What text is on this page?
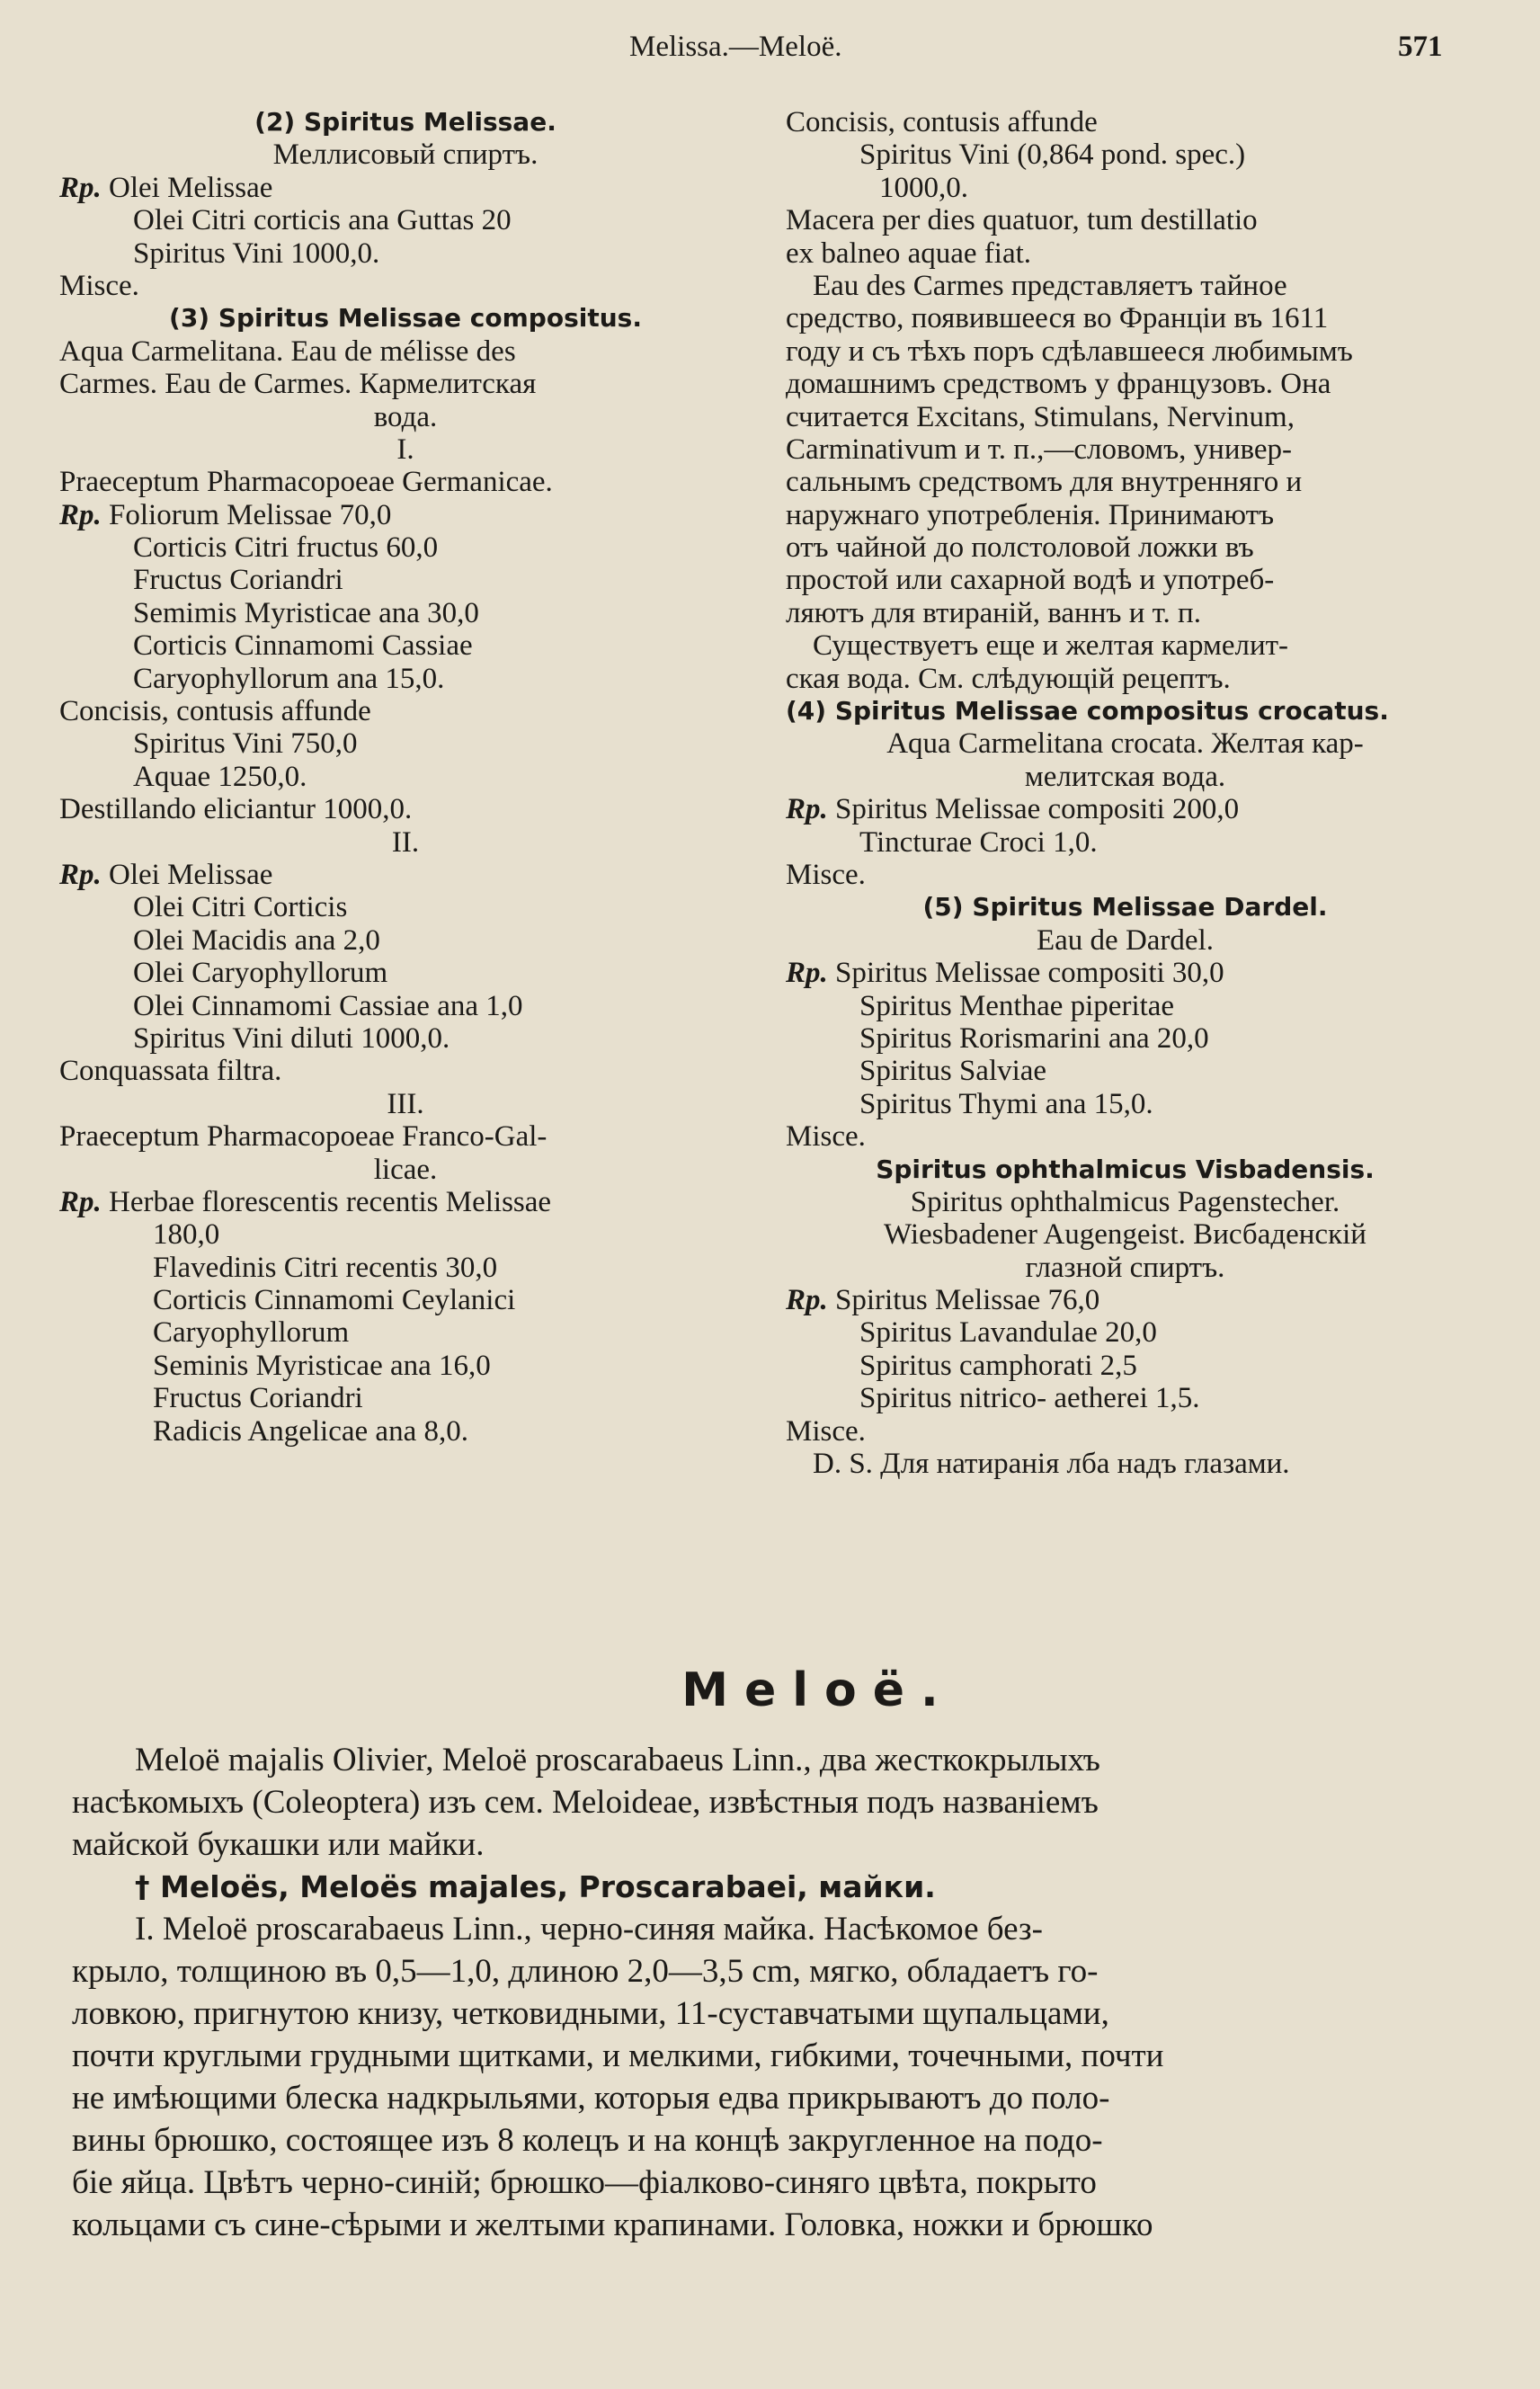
Melissa.—Meloë.	571
(2) Spiritus Melissae.
Меллисовый спиртъ.
Rp. Olei Melissae
Olei Citri corticis ana Guttas 20
Spiritus Vini 1000,0.
Misce.
(3) Spiritus Melissae compositus.
Aqua Carmelitana. Eau de mélisse des
Carmes. Eau de Carmes. Кармелитская
вода.
I.
Praeceptum Pharmacopoeae Germanicae.
Rp. Foliorum Melissae 70,0
Corticis Citri fructus 60,0
Fructus Coriandri
Semimis Myristicae ana 30,0
Corticis Cinnamomi Cassiae
Caryophyllorum ana 15,0.
Concisis, contusis affunde
Spiritus Vini 750,0
Aquae 1250,0.
Destillando eliciantur 1000,0.
II.
Rp. Olei Melissae
Olei Citri Corticis
Olei Macidis ana 2,0
Olei Caryophyllorum
Olei Cinnamomi Cassiae ana 1,0
Spiritus Vini diluti 1000,0.
Conquassata filtra.
III.
Praeceptum Pharmacopoeae Franco-Gal-
licae.
Rp. Herbae florescentis recentis Melissae
180,0
Flavedinis Citri recentis 30,0
Corticis Cinnamomi Ceylanici
Caryophyllorum
Seminis Myristicae ana 16,0
Fructus Coriandri
Radicis Angelicae ana 8,0.
Concisis, contusis affunde
Spiritus Vini (0,864 pond. spec.)
1000,0.
Macera per dies quatuor, tum destillatio
ex balneo aquae fiat.
Eau des Carmes представляетъ тайное
средство, появившееся во Франціи въ 1611
году и съ тѣхъ поръ сдѣлавшееся любимымъ
домашнимъ средствомъ у французовъ. Она
считается Excitans, Stimulans, Nervinum,
Carminativum и т. п.,—словомъ, универ-
сальнымъ средствомъ для внутренняго и
наружнаго употребленія. Принимаютъ
отъ чайной до полстоловой ложки въ
простой или сахарной водѣ и употреб-
ляютъ для втираній, ваннъ и т. п.
Существуетъ еще и желтая кармелит-
ская вода. См. слѣдующій рецептъ.
(4) Spiritus Melissae compositus crocatus.
Aqua Carmelitana crocata. Желтая кар-
мелитская вода.
Rp. Spiritus Melissae compositi 200,0
Tincturae Croci 1,0.
Misce.
(5) Spiritus Melissae Dardel.
Eau de Dardel.
Rp. Spiritus Melissae compositi 30,0
Spiritus Menthae piperitae
Spiritus Rorismarini ana 20,0
Spiritus Salviae
Spiritus Thymi ana 15,0.
Misce.
Spiritus ophthalmicus Visbadensis.
Spiritus ophthalmicus Pagenstecher.
Wiesbadener Augengeist. Висбаденскій
глазной спиртъ.
Rp. Spiritus Melissae 76,0
Spiritus Lavandulae 20,0
Spiritus camphorati 2,5
Spiritus nitrico- aetherei 1,5.
Misce.
D. S. Для натиранія лба надъ глазами.
Meloë.
Meloë majalis Olivier, Meloë proscarabaeus Linn., два жесткокрылыхъ
насѣкомыхъ (Coleoptera) изъ сем. Meloideae, извѣстныя подъ названіемъ
майской букашки или майки.
† Meloës, Meloës majales, Proscarabaei, майки.
I. Meloë proscarabaeus Linn., черно-синяя майка. Насѣкомое без-
крыло, толщиною въ 0,5—1,0, длиною 2,0—3,5 cm, мягко, обладаетъ го-
ловкою, пригнутою книзу, четковидными, 11-суставчатыми щупальцами,
почти круглыми грудными щитками, и мелкими, гибкими, точечными, почти
не имѣющими блеска надкрыльями, которыя едва прикрываютъ до поло-
вины брюшко, состоящее изъ 8 колецъ и на концѣ закругленное на подо-
біе яйца. Цвѣтъ черно-синій; брюшко—фіалково-синяго цвѣта, покрыто
кольцами съ сине-сѣрыми и желтыми крапинами. Головка, ножки и брюшко
